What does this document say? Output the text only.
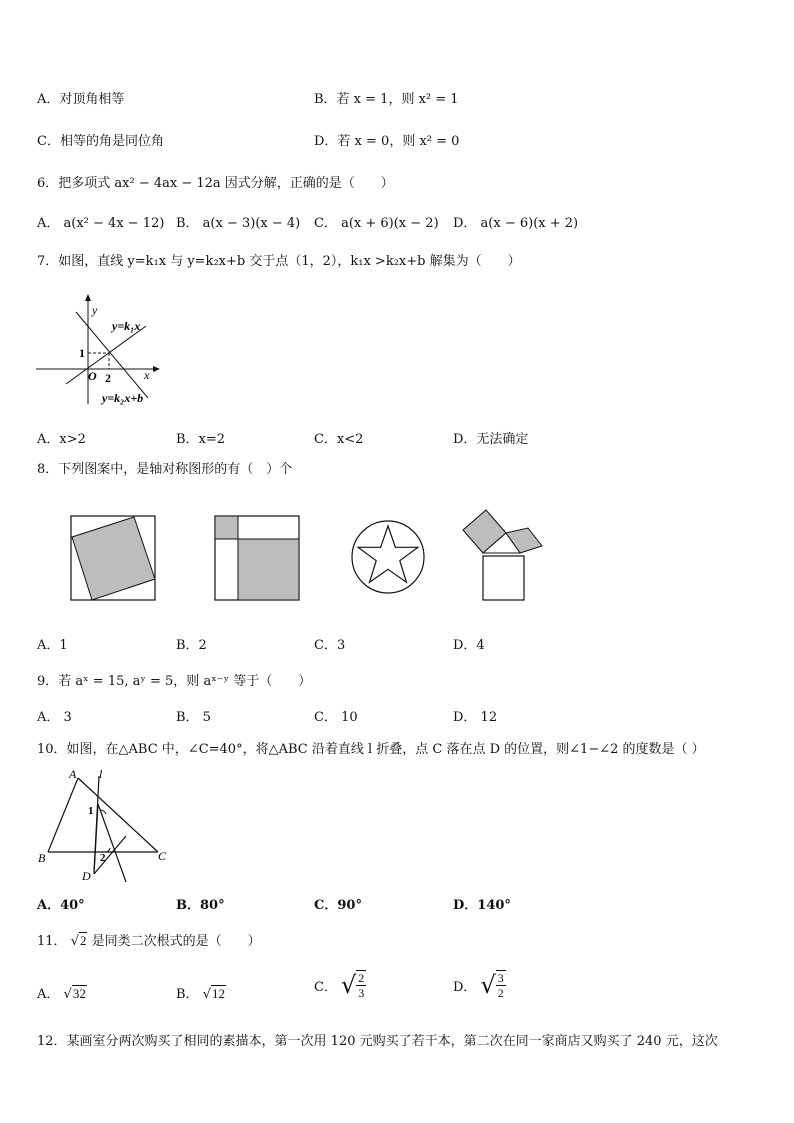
A．对顶角相等	B．若 x = 1，则 x² = 1
C．相等的角是同位角	D．若 x = 0，则 x² = 0
6．把多项式 ax² − 4ax − 12a 因式分解，正确的是（　　）
A． a(x² − 4x − 12) B． a(x − 3)(x − 4) C． a(x + 6)(x − 2) D． a(x − 6)(x + 2)
7．如图，直线 y=k₁x 与 y=k₂x+b 交于点（1，2），k₁x >k₂x+b 解集为（　　）
y
x
O
1
2
y=k₁x
y=k₂x+b
A．x>2	B．x=2	C．x<2	D．无法确定
8．下列图案中，是轴对称图形的有（　）个
A．1	B．2	C．3	D．4
9．若 aˣ = 15, aʸ = 5，则 aˣ⁻ʸ 等于（　　）
A． 3	B． 5	C． 10	D． 12
10．如图，在△ABC 中，∠C=40°，将△ABC 沿着直线 l 折叠，点 C 落在点 D 的位置，则∠1−∠2 的度数是（ ）
A l
1
B	C
2
D
A．40°	B．80°	C．90°	D．140°
11． √2 是同类二次根式的是（　　）
A． √32	B． √12	C． √ $\frac{2}{3}$	D． √ $\frac{3}{2}$
12．某画室分两次购买了相同的素描本，第一次用 120 元购买了若干本，第二次在同一家商店又购买了 240 元，这次
